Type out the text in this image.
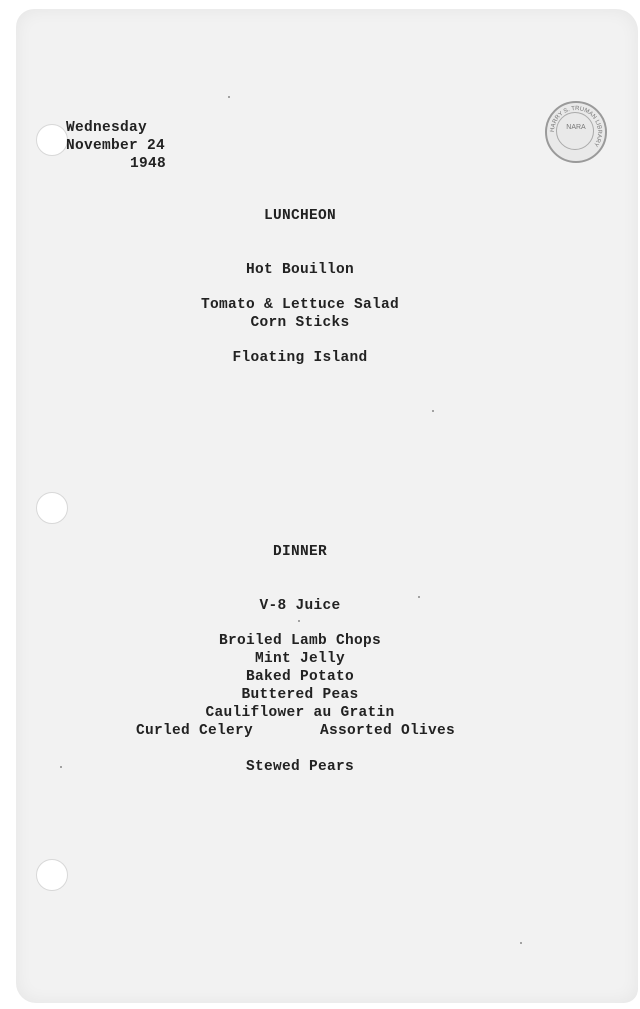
HARRY S. TRUMAN LIBRARY
NARA
Wednesday
November 24
1948
LUNCHEON
Hot Bouillon
Tomato & Lettuce Salad
Corn Sticks
Floating Island
DINNER
V-8 Juice
Broiled Lamb Chops
Mint Jelly
Baked Potato
Buttered Peas
Cauliflower au Gratin
Curled Celery	Assorted Olives
Stewed Pears
